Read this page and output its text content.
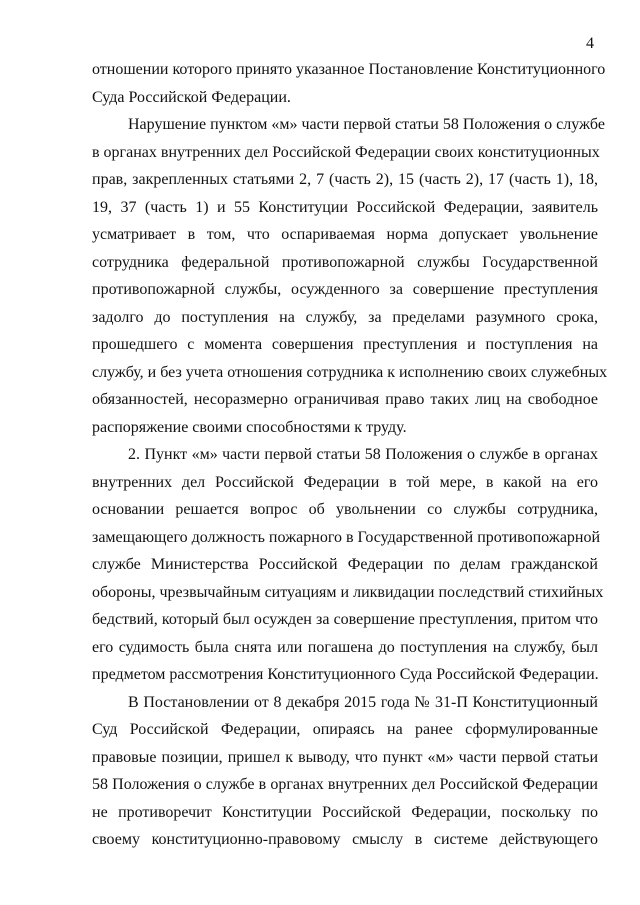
4
отношении которого принято указанное Постановление Конституционного
Суда Российской Федерации.
Нарушение пунктом «м» части первой статьи 58 Положения о службе
в органах внутренних дел Российской Федерации своих конституционных
прав, закрепленных статьями 2, 7 (часть 2), 15 (часть 2), 17 (часть 1), 18,
19, 37 (часть 1) и 55 Конституции Российской Федерации, заявитель
усматривает в том, что оспариваемая норма допускает увольнение
сотрудника федеральной противопожарной службы Государственной
противопожарной службы, осужденного за совершение преступления
задолго до поступления на службу, за пределами разумного срока,
прошедшего с момента совершения преступления и поступления на
службу, и без учета отношения сотрудника к исполнению своих служебных
обязанностей, несоразмерно ограничивая право таких лиц на свободное
распоряжение своими способностями к труду.
2. Пункт «м» части первой статьи 58 Положения о службе в органах
внутренних дел Российской Федерации в той мере, в какой на его
основании решается вопрос об увольнении со службы сотрудника,
замещающего должность пожарного в Государственной противопожарной
службе Министерства Российской Федерации по делам гражданской
обороны, чрезвычайным ситуациям и ликвидации последствий стихийных
бедствий, который был осужден за совершение преступления, притом что
его судимость была снята или погашена до поступления на службу, был
предметом рассмотрения Конституционного Суда Российской Федерации.
В Постановлении от 8 декабря 2015 года № 31-П Конституционный
Суд Российской Федерации, опираясь на ранее сформулированные
правовые позиции, пришел к выводу, что пункт «м» части первой статьи
58 Положения о службе в органах внутренних дел Российской Федерации
не противоречит Конституции Российской Федерации, поскольку по
своему конституционно-правовому смыслу в системе действующего
